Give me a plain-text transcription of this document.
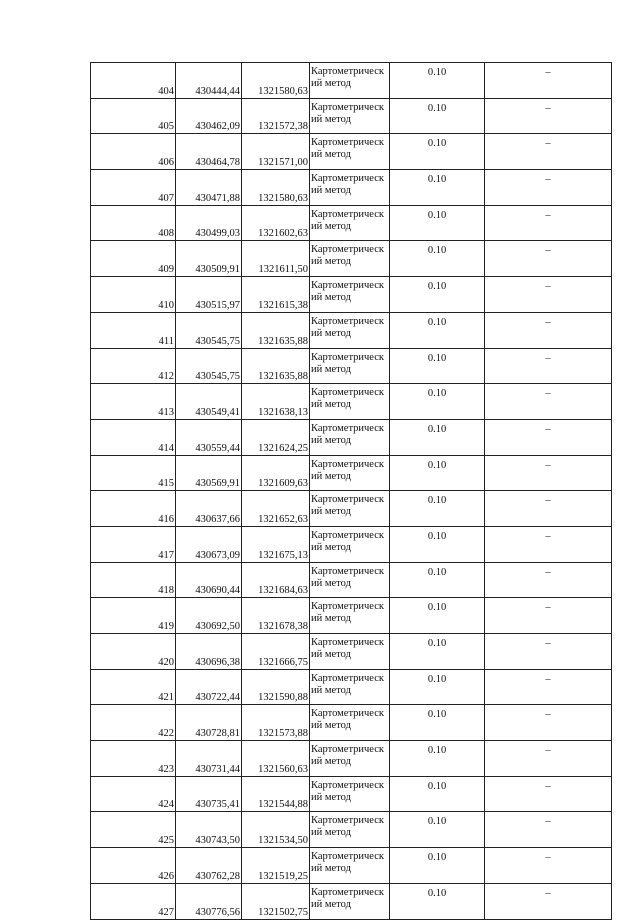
404	430444,44	1321580,63	Картометрическ
ий метод	0.10	–
405	430462,09	1321572,38	Картометрическ
ий метод	0.10	–
406	430464,78	1321571,00	Картометрическ
ий метод	0.10	–
407	430471,88	1321580,63	Картометрическ
ий метод	0.10	–
408	430499,03	1321602,63	Картометрическ
ий метод	0.10	–
409	430509,91	1321611,50	Картометрическ
ий метод	0.10	–
410	430515,97	1321615,38	Картометрическ
ий метод	0.10	–
411	430545,75	1321635,88	Картометрическ
ий метод	0.10	–
412	430545,75	1321635,88	Картометрическ
ий метод	0.10	–
413	430549,41	1321638,13	Картометрическ
ий метод	0.10	–
414	430559,44	1321624,25	Картометрическ
ий метод	0.10	–
415	430569,91	1321609,63	Картометрическ
ий метод	0.10	–
416	430637,66	1321652,63	Картометрическ
ий метод	0.10	–
417	430673,09	1321675,13	Картометрическ
ий метод	0.10	–
418	430690,44	1321684,63	Картометрическ
ий метод	0.10	–
419	430692,50	1321678,38	Картометрическ
ий метод	0.10	–
420	430696,38	1321666,75	Картометрическ
ий метод	0.10	–
421	430722,44	1321590,88	Картометрическ
ий метод	0.10	–
422	430728,81	1321573,88	Картометрическ
ий метод	0.10	–
423	430731,44	1321560,63	Картометрическ
ий метод	0.10	–
424	430735,41	1321544,88	Картометрическ
ий метод	0.10	–
425	430743,50	1321534,50	Картометрическ
ий метод	0.10	–
426	430762,28	1321519,25	Картометрическ
ий метод	0.10	–
427	430776,56	1321502,75	Картометрическ
ий метод	0.10	–
